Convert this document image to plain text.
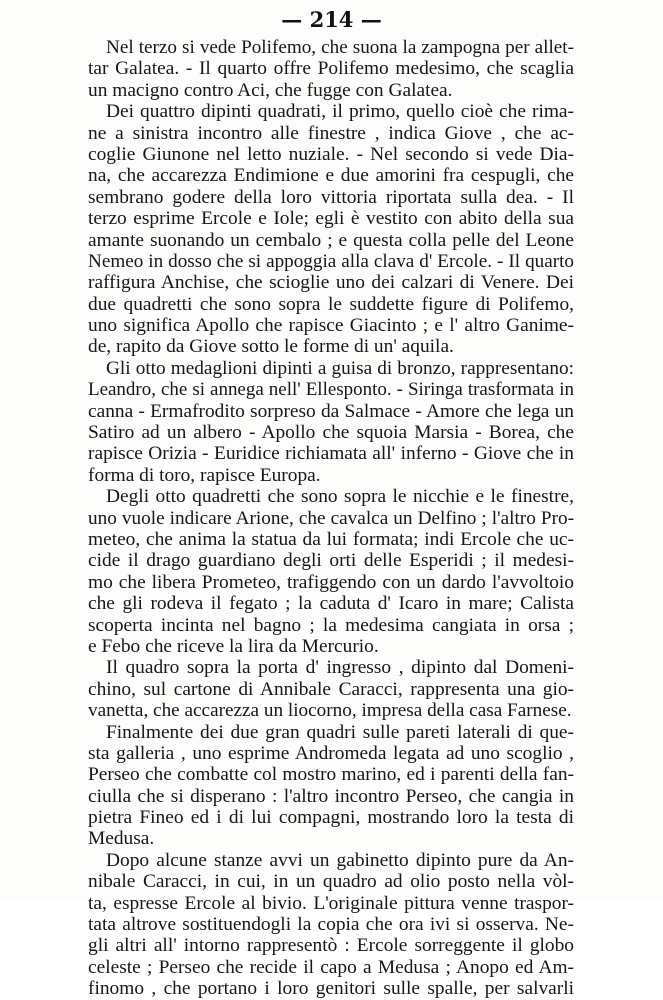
— 214 —
Nel terzo si vede Polifemo, che suona la zampogna per allet-
tar Galatea. - Il quarto offre Polifemo medesimo, che scaglia
un macigno contro Aci, che fugge con Galatea.
Dei quattro dipinti quadrati, il primo, quello cioè che rima-
ne a sinistra incontro alle finestre , indica Giove , che ac-
coglie Giunone nel letto nuziale. - Nel secondo si vede Dia-
na, che accarezza Endimione e due amorini fra cespugli, che
sembrano godere della loro vittoria riportata sulla dea. - Il
terzo esprime Ercole e Iole; egli è vestito con abito della sua
amante suonando un cembalo ; e questa colla pelle del Leone
Nemeo in dosso che si appoggia alla clava d' Ercole. - Il quarto
raffigura Anchise, che scioglie uno dei calzari di Venere. Dei
due quadretti che sono sopra le suddette figure di Polifemo,
uno significa Apollo che rapisce Giacinto ; e l' altro Ganime-
de, rapito da Giove sotto le forme di un' aquila.
Gli otto medaglioni dipinti a guisa di bronzo, rappresentano:
Leandro, che si annega nell' Ellesponto. - Siringa trasformata in
canna - Ermafrodito sorpreso da Salmace - Amore che lega un
Satiro ad un albero - Apollo che squoia Marsia - Borea, che
rapisce Orizia - Euridice richiamata all' inferno - Giove che in
forma di toro, rapisce Europa.
Degli otto quadretti che sono sopra le nicchie e le finestre,
uno vuole indicare Arione, che cavalca un Delfino ; l'altro Pro-
meteo, che anima la statua da lui formata; indi Ercole che uc-
cide il drago guardiano degli orti delle Esperidi ; il medesi-
mo che libera Prometeo, trafiggendo con un dardo l'avvoltoio
che gli rodeva il fegato ; la caduta d' Icaro in mare; Calista
scoperta incinta nel bagno ; la medesima cangiata in orsa ;
e Febo che riceve la lira da Mercurio.
Il quadro sopra la porta d' ingresso , dipinto dal Domeni-
chino, sul cartone di Annibale Caracci, rappresenta una gio-
vanetta, che accarezza un liocorno, impresa della casa Farnese.
Finalmente dei due gran quadri sulle pareti laterali di que-
sta galleria , uno esprime Andromeda legata ad uno scoglio ,
Perseo che combatte col mostro marino, ed i parenti della fan-
ciulla che si disperano : l'altro incontro Perseo, che cangia in
pietra Fineo ed i di lui compagni, mostrando loro la testa di
Medusa.
Dopo alcune stanze avvi un gabinetto dipinto pure da An-
nibale Caracci, in cui, in un quadro ad olio posto nella vòl-
ta, espresse Ercole al bivio. L'originale pittura venne traspor-
tata altrove sostituendogli la copia che ora ivi si osserva. Ne-
gli altri all' intorno rappresentò : Ercole sorreggente il globo
celeste ; Perseo che recide il capo a Medusa ; Anopo ed Am-
finomo , che portano i loro genitori sulle spalle, per salvarli
